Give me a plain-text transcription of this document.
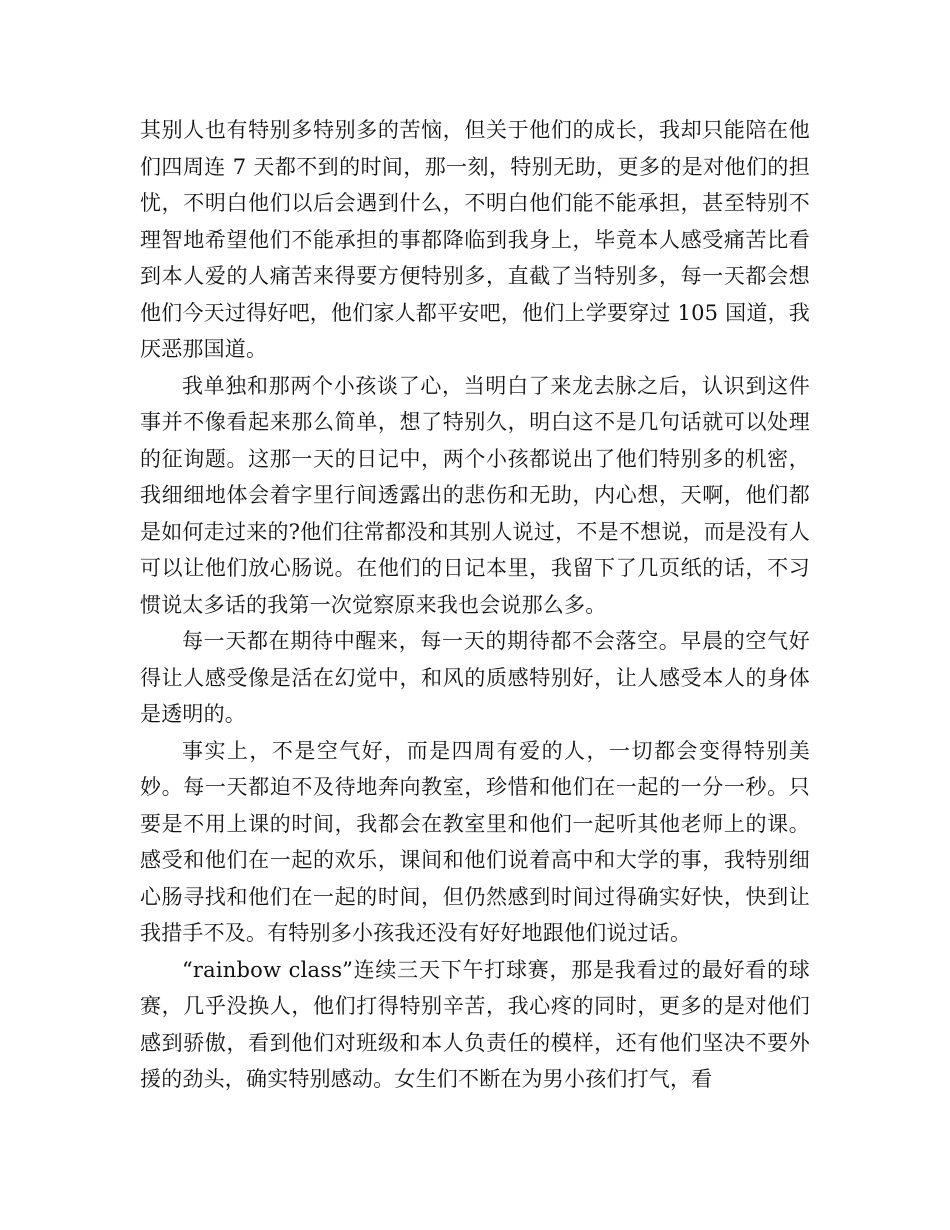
其别人也有特别多特别多的苦恼，但关于他们的成长，我却只能陪在他们四周连 7 天都不到的时间，那一刻，特别无助，更多的是对他们的担忧，不明白他们以后会遇到什么，不明白他们能不能承担，甚至特别不理智地希望他们不能承担的事都降临到我身上，毕竟本人感受痛苦比看到本人爱的人痛苦来得要方便特别多，直截了当特别多，每一天都会想他们今天过得好吧，他们家人都平安吧，他们上学要穿过 105 国道，我厌恶那国道。

我单独和那两个小孩谈了心，当明白了来龙去脉之后，认识到这件事并不像看起来那么简单，想了特别久，明白这不是几句话就可以处理的征询题。这那一天的日记中，两个小孩都说出了他们特别多的机密，我细细地体会着字里行间透露出的悲伤和无助，内心想，天啊，他们都是如何走过来的?他们往常都没和其别人说过，不是不想说，而是没有人可以让他们放心肠说。在他们的日记本里，我留下了几页纸的话，不习惯说太多话的我第一次觉察原来我也会说那么多。

每一天都在期待中醒来，每一天的期待都不会落空。早晨的空气好得让人感受像是活在幻觉中，和风的质感特别好，让人感受本人的身体是透明的。

事实上，不是空气好，而是四周有爱的人，一切都会变得特别美妙。每一天都迫不及待地奔向教室，珍惜和他们在一起的一分一秒。只要是不用上课的时间，我都会在教室里和他们一起听其他老师上的课。感受和他们在一起的欢乐，课间和他们说着高中和大学的事，我特别细心肠寻找和他们在一起的时间，但仍然感到时间过得确实好快，快到让我措手不及。有特别多小孩我还没有好好地跟他们说过话。

“rainbow class”连续三天下午打球赛，那是我看过的最好看的球赛，几乎没换人，他们打得特别辛苦，我心疼的同时，更多的是对他们感到骄傲，看到他们对班级和本人负责任的模样，还有他们坚决不要外援的劲头，确实特别感动。女生们不断在为男小孩们打气，看
